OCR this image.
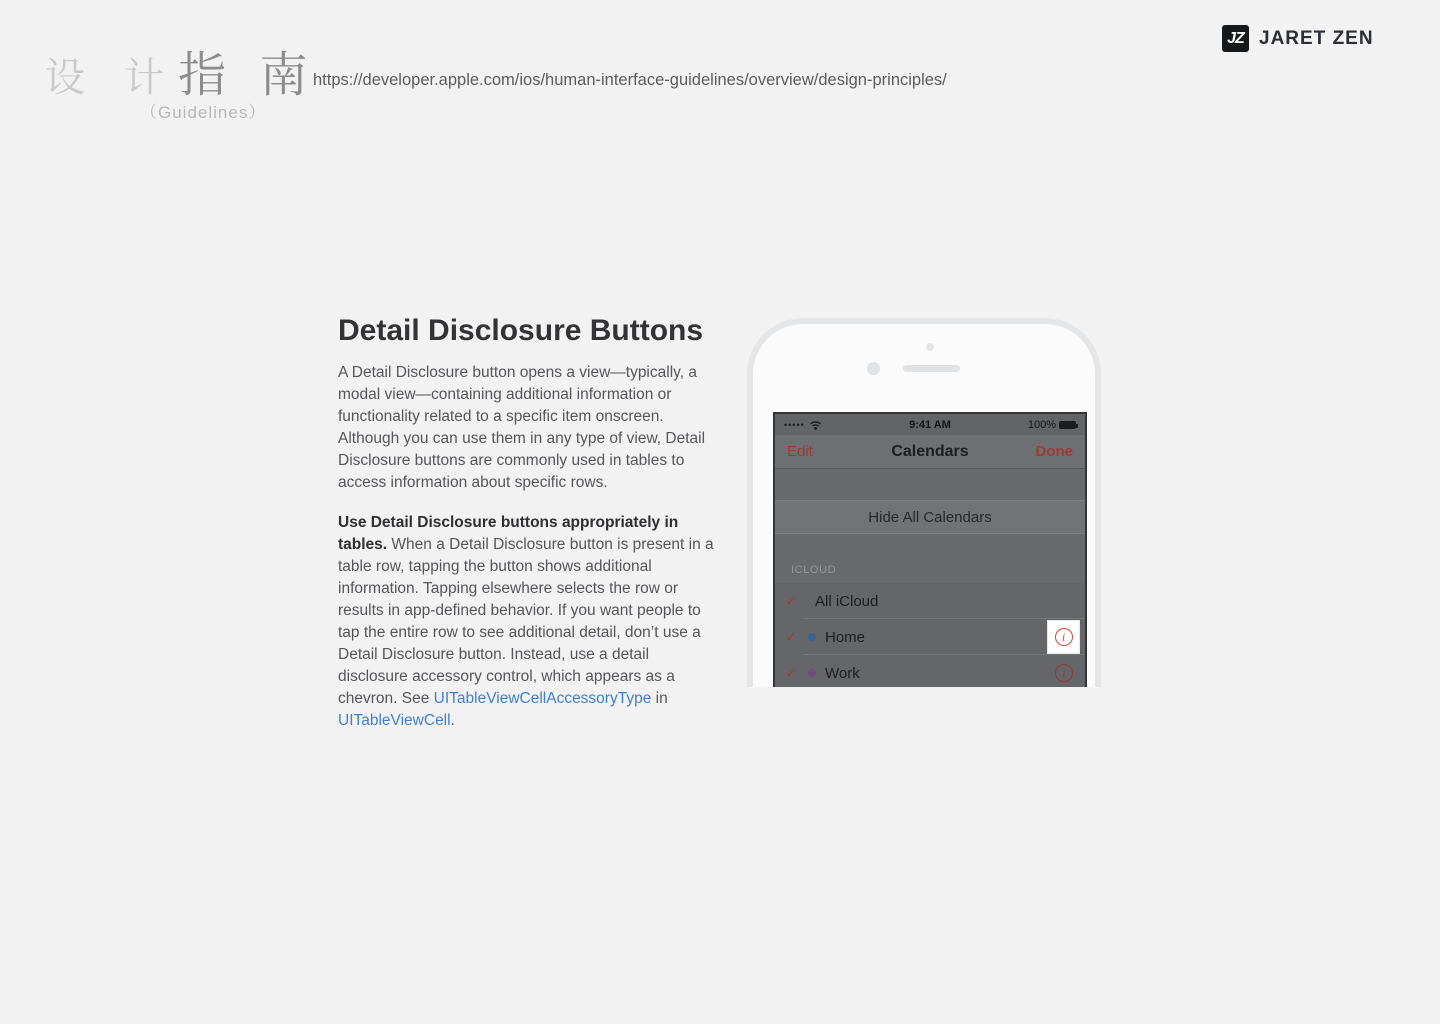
设 计指 南
（Guidelines）
https://developer.apple.com/ios/human-interface-guidelines/overview/design-principles/
JZ JARET ZEN
Detail Disclosure Buttons

A Detail Disclosure button opens a view—typically, a modal view—containing additional information or functionality related to a specific item onscreen. Although you can use them in any type of view, Detail Disclosure buttons are commonly used in tables to access information about specific rows.

Use Detail Disclosure buttons appropriately in tables. When a Detail Disclosure button is present in a table row, tapping the button shows additional information. Tapping elsewhere selects the row or results in app-defined behavior. If you want people to tap the entire row to see additional detail, don’t use a Detail Disclosure button. Instead, use a detail disclosure accessory control, which appears as a chevron. See UITableViewCellAccessoryType in UITableViewCell.

•••••	9:41 AM	100%
Edit	Calendars	Done
Hide All Calendars
ICLOUD
✓	All iCloud
✓	Home	i
✓	Work	i
